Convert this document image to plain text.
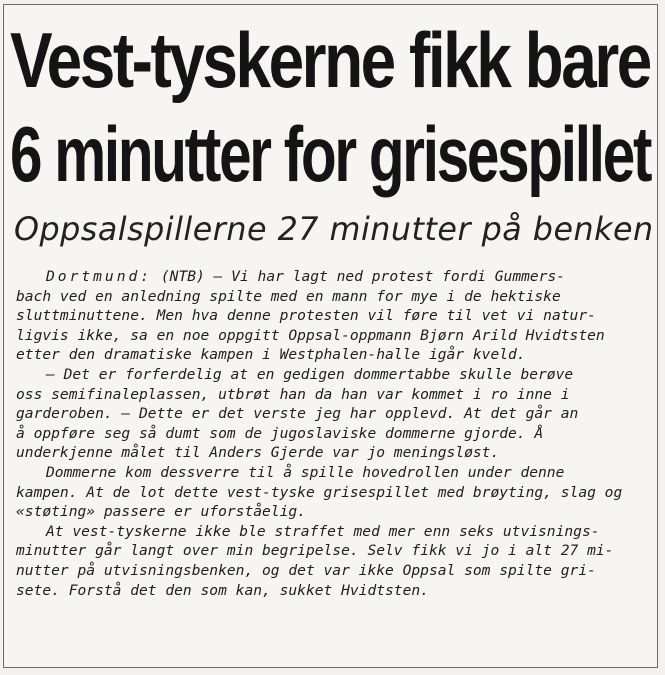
Vest-tyskerne fikk bare
6 minutter for grisespillet
Oppsalspillerne 27 minutter på benken

Dortmund: (NTB) — Vi har lagt ned protest fordi Gummers-
bach ved en anledning spilte med en mann for mye i de hektiske
sluttminuttene. Men hva denne protesten vil føre til vet vi natur-
ligvis ikke, sa en noe oppgitt Oppsal-oppmann Bjørn Arild Hvidtsten
etter den dramatiske kampen i Westphalen-halle igår kveld.

— Det er forferdelig at en gedigen dommertabbe skulle berøve
oss semifinaleplassen, utbrøt han da han var kommet i ro inne i
garderoben. — Dette er det verste jeg har opplevd. At det går an
å oppføre seg så dumt som de jugoslaviske dommerne gjorde. Å
underkjenne målet til Anders Gjerde var jo meningsløst.

Dommerne kom dessverre til å spille hovedrollen under denne
kampen. At de lot dette vest-tyske grisespillet med brøyting, slag og
«støting» passere er uforståelig.

At vest-tyskerne ikke ble straffet med mer enn seks utvisnings-
minutter går langt over min begripelse. Selv fikk vi jo i alt 27 mi-
nutter på utvisningsbenken, og det var ikke Oppsal som spilte gri-
sete. Forstå det den som kan, sukket Hvidtsten.
